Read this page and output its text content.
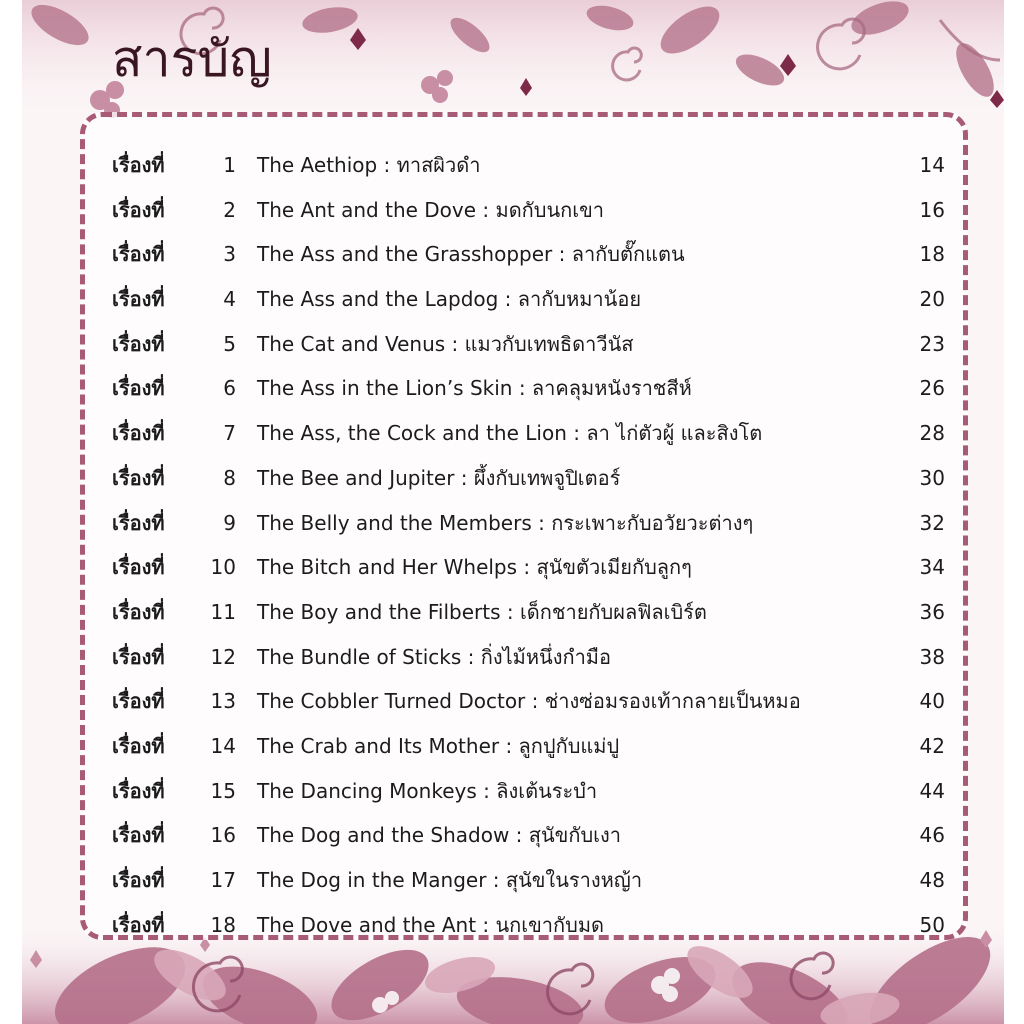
สารบัญ
เรื่องที่	1 The Aethiop : ทาสผิวดำ	14
เรื่องที่	2 The Ant and the Dove : มดกับนกเขา	16
เรื่องที่	3 The Ass and the Grasshopper : ลากับตั๊กแตน	18
เรื่องที่	4 The Ass and the Lapdog : ลากับหมาน้อย	20
เรื่องที่	5 The Cat and Venus : แมวกับเทพธิดาวีนัส	23
เรื่องที่	6 The Ass in the Lion’s Skin : ลาคลุมหนังราชสีห์	26
เรื่องที่	7 The Ass, the Cock and the Lion : ลา ไก่ตัวผู้ และสิงโต	28
เรื่องที่	8 The Bee and Jupiter : ผึ้งกับเทพจูปิเตอร์	30
เรื่องที่	9 The Belly and the Members : กระเพาะกับอวัยวะต่างๆ	32
เรื่องที่	10 The Bitch and Her Whelps : สุนัขตัวเมียกับลูกๆ	34
เรื่องที่	11 The Boy and the Filberts : เด็กชายกับผลฟิลเบิร์ต	36
เรื่องที่	12 The Bundle of Sticks : กิ่งไม้หนึ่งกำมือ	38
เรื่องที่	13 The Cobbler Turned Doctor : ช่างซ่อมรองเท้ากลายเป็นหมอ	40
เรื่องที่	14 The Crab and Its Mother : ลูกปูกับแม่ปู	42
เรื่องที่	15 The Dancing Monkeys : ลิงเต้นระบำ	44
เรื่องที่	16 The Dog and the Shadow : สุนัขกับเงา	46
เรื่องที่	17 The Dog in the Manger : สุนัขในรางหญ้า	48
เรื่องที่	18 The Dove and the Ant : นกเขากับมด	50
